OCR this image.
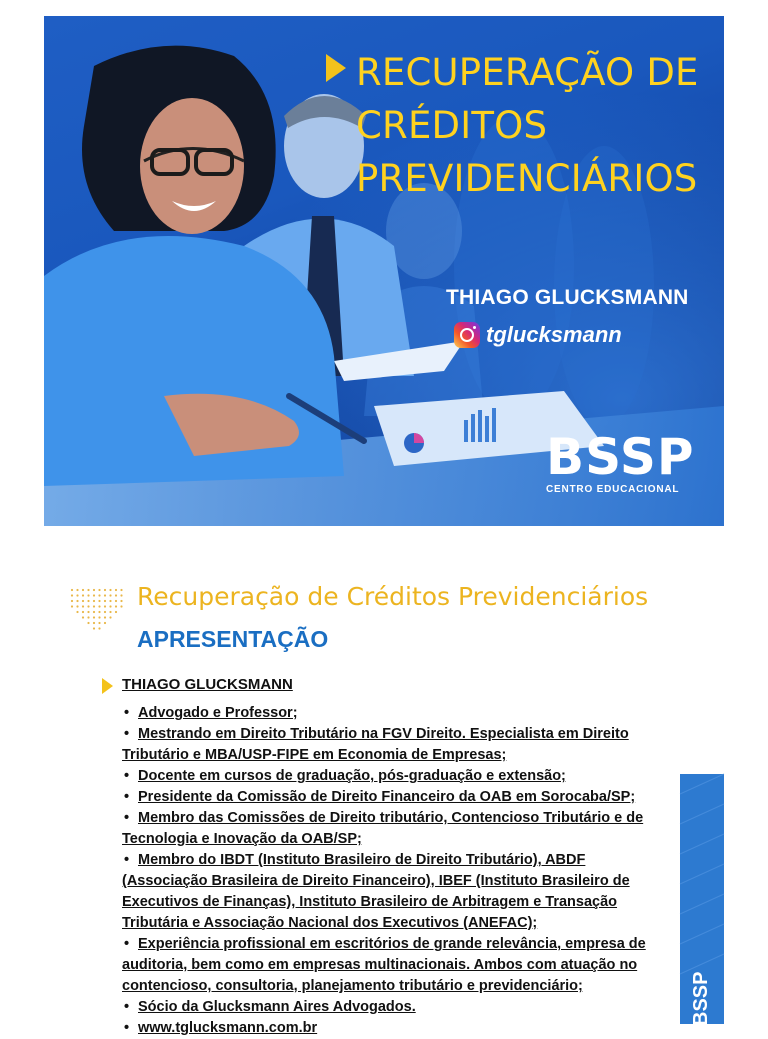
RECUPERAÇÃO DE
CRÉDITOS
PREVIDENCIÁRIOS
THIAGO GLUCKSMANN
tglucksmann
BSSP
CENTRO EDUCACIONAL
Recuperação de Créditos Previdenciários
APRESENTAÇÃO
THIAGO GLUCKSMANN
• Advogado e Professor;
• Mestrando em Direito Tributário na FGV Direito. Especialista em Direito
Tributário e MBA/USP-FIPE em Economia de Empresas;
• Docente em cursos de graduação, pós-graduação e extensão;
• Presidente da Comissão de Direito Financeiro da OAB em Sorocaba/SP;
• Membro das Comissões de Direito tributário, Contencioso Tributário e de
Tecnologia e Inovação da OAB/SP;
• Membro do IBDT (Instituto Brasileiro de Direito Tributário), ABDF
(Associação Brasileira de Direito Financeiro), IBEF (Instituto Brasileiro de
Executivos de Finanças), Instituto Brasileiro de Arbitragem e Transação
Tributária e Associação Nacional dos Executivos (ANEFAC);
• Experiência profissional em escritórios de grande relevância, empresa de
auditoria, bem como em empresas multinacionais. Ambos com atuação no
contencioso, consultoria, planejamento tributário e previdenciário;
• Sócio da Glucksmann Aires Advogados.
• www.tglucksmann.com.br
BSSP
